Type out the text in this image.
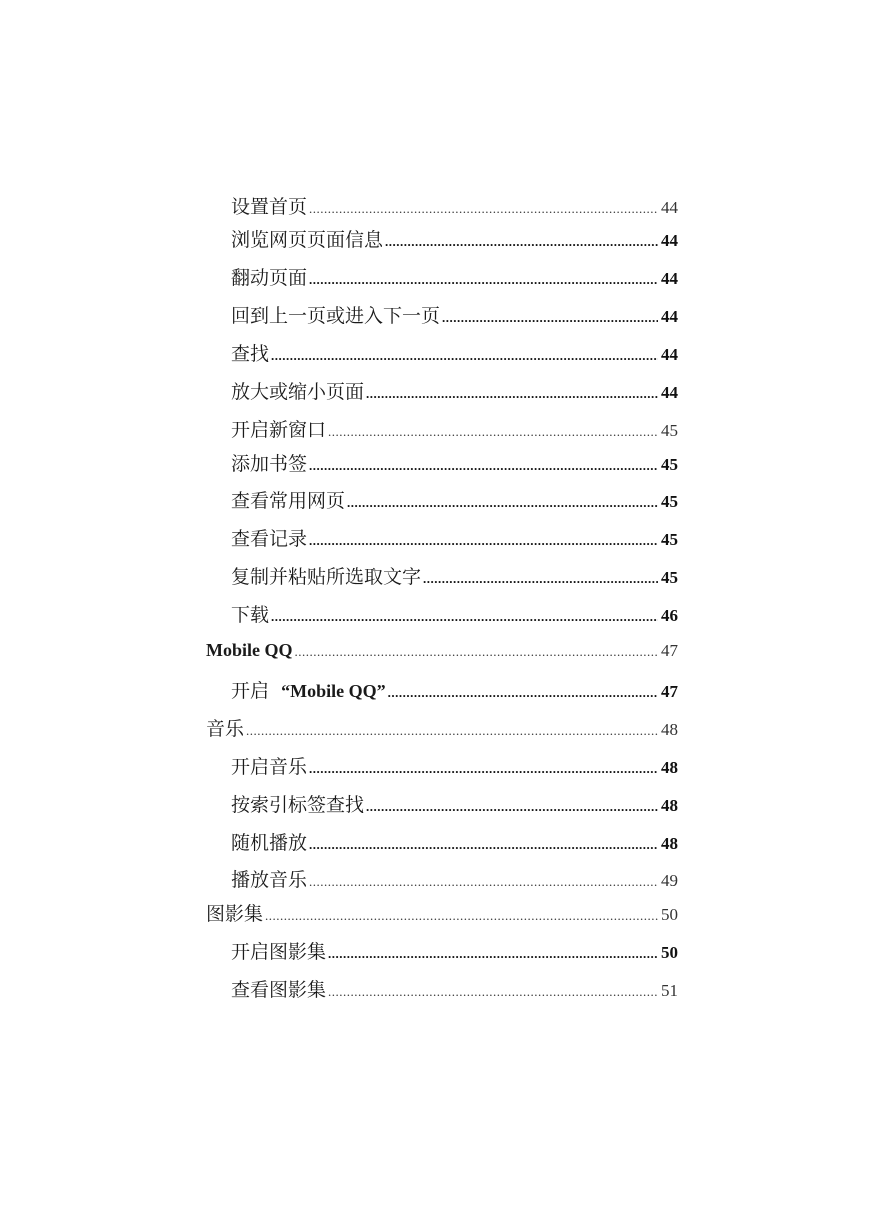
设置首页 .....	44
浏览网页页面信息 .....	44
翻动页面 .....	44
回到上一页或进入下一页 .....	44
查找 .....	44
放大或缩小页面 .....	44
开启新窗口 .....	45
添加书签 .....	45
查看常用网页 .....	45
查看记录 .....	45
复制并粘贴所选取文字 .....	45
下载 .....	46
Mobile QQ .....	47
开启 “Mobile QQ” .....	47
音乐 .....	48
开启音乐 .....	48
按索引标签查找 .....	48
随机播放 .....	48
播放音乐 .....	49
图影集 .....	50
开启图影集 .....	50
查看图影集 .....	51
